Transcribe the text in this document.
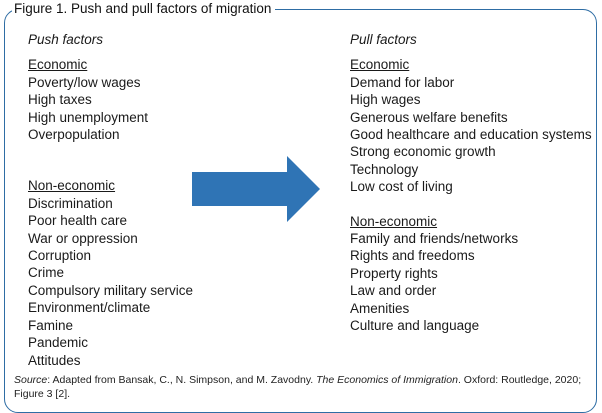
Figure 1. Push and pull factors of migration
Push factors
Economic
Poverty/low wages
High taxes
High unemployment
Overpopulation
Non-economic
Discrimination
Poor health care
War or oppression
Corruption
Crime
Compulsory military service
Environment/climate
Famine
Pandemic
Attitudes
Pull factors
Economic
Demand for labor
High wages
Generous welfare benefits
Good healthcare and education systems
Strong economic growth
Technology
Low cost of living
Non-economic
Family and friends/networks
Rights and freedoms
Property rights
Law and order
Amenities
Culture and language
Source: Adapted from Bansak, C., N. Simpson, and M. Zavodny. The Economics of Immigration. Oxford: Routledge, 2020; Figure 3 [2].
